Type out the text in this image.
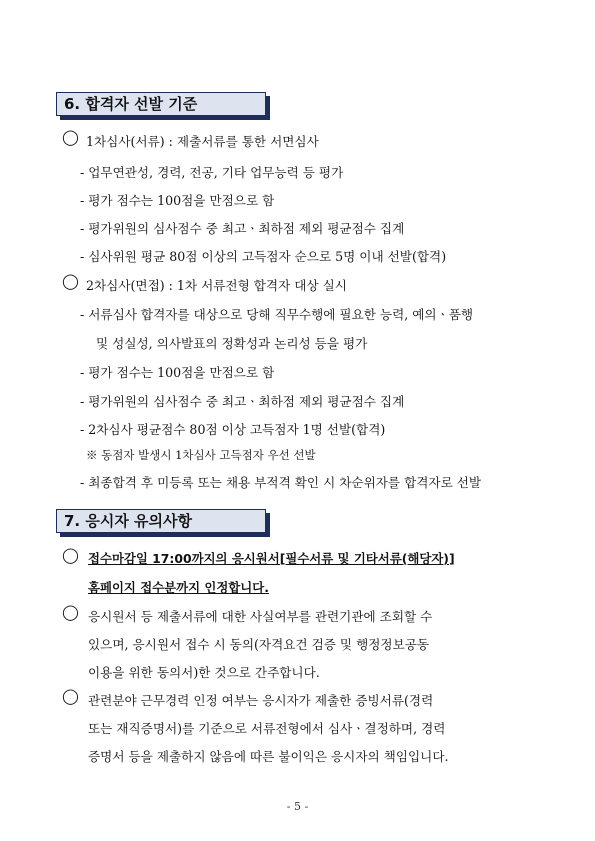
6. 합격자 선발 기준
◯ 1차심사(서류) : 제출서류를 통한 서면심사
- 업무연관성, 경력, 전공, 기타 업무능력 등 평가
- 평가 점수는 100점을 만점으로 함
- 평가위원의 심사점수 중 최고ㆍ최하점 제외 평균점수 집계
- 심사위원 평균 80점 이상의 고득점자 순으로 5명 이내 선발(합격)
◯ 2차심사(면접) : 1차 서류전형 합격자 대상 실시
- 서류심사 합격자를 대상으로 당해 직무수행에 필요한 능력, 예의ㆍ품행
및 성실성, 의사발표의 정확성과 논리성 등을 평가
- 평가 점수는 100점을 만점으로 함
- 평가위원의 심사점수 중 최고ㆍ최하점 제외 평균점수 집계
- 2차심사 평균점수 80점 이상 고득점자 1명 선발(합격)
※ 동점자 발생시 1차심사 고득점자 우선 선발
- 최종합격 후 미등록 또는 채용 부적격 확인 시 차순위자를 합격자로 선발
7. 응시자 유의사항
◯ 접수마감일 17:00까지의 응시원서[필수서류 및 기타서류(해당자)]
홈페이지 접수분까지 인정합니다.
◯ 응시원서 등 제출서류에 대한 사실여부를 관련기관에 조회할 수
있으며, 응시원서 접수 시 동의(자격요건 검증 및 행정정보공동
이용을 위한 동의서)한 것으로 간주합니다.
◯ 관련분야 근무경력 인정 여부는 응시자가 제출한 증빙서류(경력
또는 재직증명서)를 기준으로 서류전형에서 심사ㆍ결정하며, 경력
증명서 등을 제출하지 않음에 따른 불이익은 응시자의 책임입니다.
- 5 -
